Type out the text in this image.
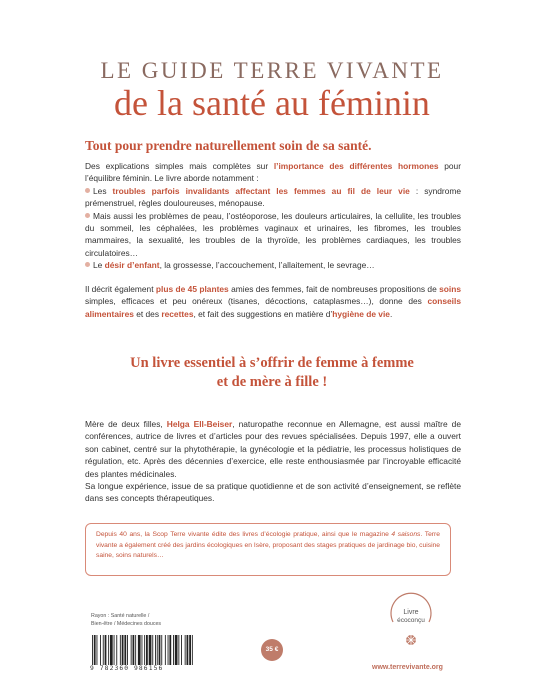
LE GUIDE TERRE VIVANTE
de la santé au féminin
Tout pour prendre naturellement soin de sa santé.

Des explications simples mais complètes sur l’importance des différentes hormones pour l’équilibre féminin. Le livre aborde notamment :

Les troubles parfois invalidants affectant les femmes au fil de leur vie : syndrome prémenstruel, règles douloureuses, ménopause.

Mais aussi les problèmes de peau, l’ostéoporose, les douleurs articulaires, la cellulite, les troubles du sommeil, les céphalées, les problèmes vaginaux et urinaires, les fibromes, les troubles mammaires, la sexualité, les troubles de la thyroïde, les problèmes cardiaques, les troubles circulatoires…

Le désir d’enfant, la grossesse, l’accouchement, l’allaitement, le sevrage…

Il décrit également plus de 45 plantes amies des femmes, fait de nombreuses propositions de soins simples, efficaces et peu onéreux (tisanes, décoctions, cataplasmes…), donne des conseils alimentaires et des recettes, et fait des suggestions en matière d’hygiène de vie.

Un livre essentiel à s’offrir de femme à femme
et de mère à fille !

Mère de deux filles, Helga Ell-Beiser, naturopathe reconnue en Allemagne, est aussi maître de conférences, autrice de livres et d’articles pour des revues spécialisées. Depuis 1997, elle a ouvert son cabinet, centré sur la phytothérapie, la gynécologie et la pédiatrie, les processus holistiques de régulation, etc. Après des décennies d’exercice, elle reste enthousiasmée par l’incroyable efficacité des plantes médicinales.

Sa longue expérience, issue de sa pratique quotidienne et de son activité d’enseignement, se reflète dans ses concepts thérapeutiques.

Depuis 40 ans, la Scop Terre vivante édite des livres d’écologie pratique, ainsi que le magazine 4 saisons. Terre vivante a également créé des jardins écologiques en Isère, proposant des stages pratiques de jardinage bio, cuisine saine, soins naturels…
Rayon : Santé naturelle /
Bien-être / Médecines douces
9 782360 986156
35 €
Livre
écoconçu
www.terrevivante.org
